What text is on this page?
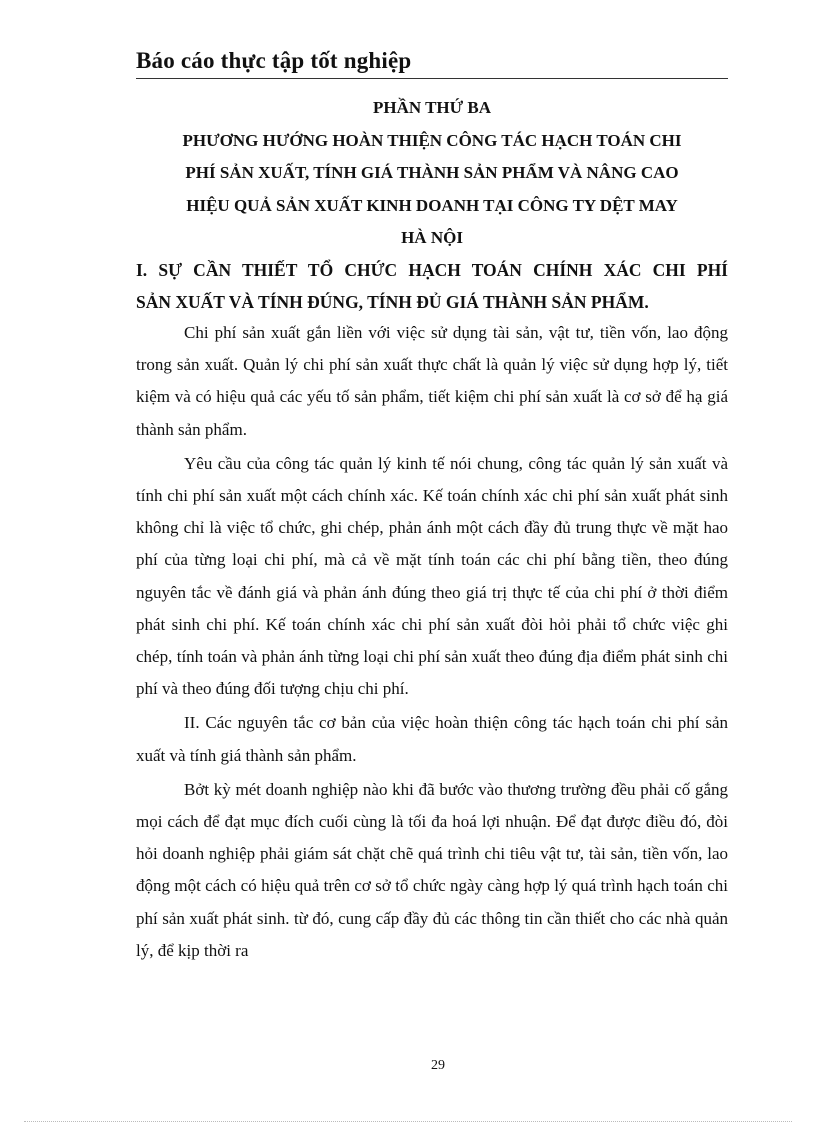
Báo cáo thực tập tốt nghiệp
PHẦN THỨ BA
PHƯƠNG HƯỚNG HOÀN THIỆN CÔNG TÁC HẠCH TOÁN CHI
PHÍ SẢN XUẤT, TÍNH GIÁ THÀNH SẢN PHẨM VÀ NÂNG CAO
HIỆU QUẢ SẢN XUẤT KINH DOANH TẠI CÔNG TY DỆT MAY
HÀ NỘI
I. SỰ CẦN THIẾT TỔ CHỨC HẠCH TOÁN CHÍNH XÁC CHI PHÍ
SẢN XUẤT VÀ TÍNH ĐÚNG, TÍNH ĐỦ GIÁ THÀNH SẢN PHẨM.

Chi phí sản xuất gắn liền với việc sử dụng tài sản, vật tư, tiền vốn, lao động trong sản xuất. Quản lý chi phí sản xuất thực chất là quản lý việc sử dụng hợp lý, tiết kiệm và có hiệu quả các yếu tố sản phẩm, tiết kiệm chi phí sản xuất là cơ sở để hạ giá thành sản phẩm.

Yêu cầu của công tác quản lý kinh tế nói chung, công tác quản lý sản xuất và tính chi phí sản xuất một cách chính xác. Kế toán chính xác chi phí sản xuất phát sinh không chỉ là việc tổ chức, ghi chép, phản ánh một cách đầy đủ trung thực về mặt hao phí của từng loại chi phí, mà cả về mặt tính toán các chi phí bằng tiền, theo đúng nguyên tắc về đánh giá và phản ánh đúng theo giá trị thực tế của chi phí ở thời điểm phát sinh chi phí. Kế toán chính xác chi phí sản xuất đòi hỏi phải tổ chức việc ghi chép, tính toán và phản ánh từng loại chi phí sản xuất theo đúng địa điểm phát sinh chi phí và theo đúng đối tượng chịu chi phí.

II. Các nguyên tắc cơ bản của việc hoàn thiện công tác hạch toán chi phí sản xuất và tính giá thành sản phẩm.

Bởt kỳ mét doanh nghiệp nào khi đã bước vào thương trường đều phải cố gắng mọi cách để đạt mục đích cuối cùng là tối đa hoá lợi nhuận. Để đạt được điều đó, đòi hỏi doanh nghiệp phải giám sát chặt chẽ quá trình chi tiêu vật tư, tài sản, tiền vốn, lao động một cách có hiệu quả trên cơ sở tổ chức ngày càng hợp lý quá trình hạch toán chi phí sản xuất phát sinh. từ đó, cung cấp đầy đủ các thông tin cần thiết cho các nhà quản lý, để kịp thời ra

29
